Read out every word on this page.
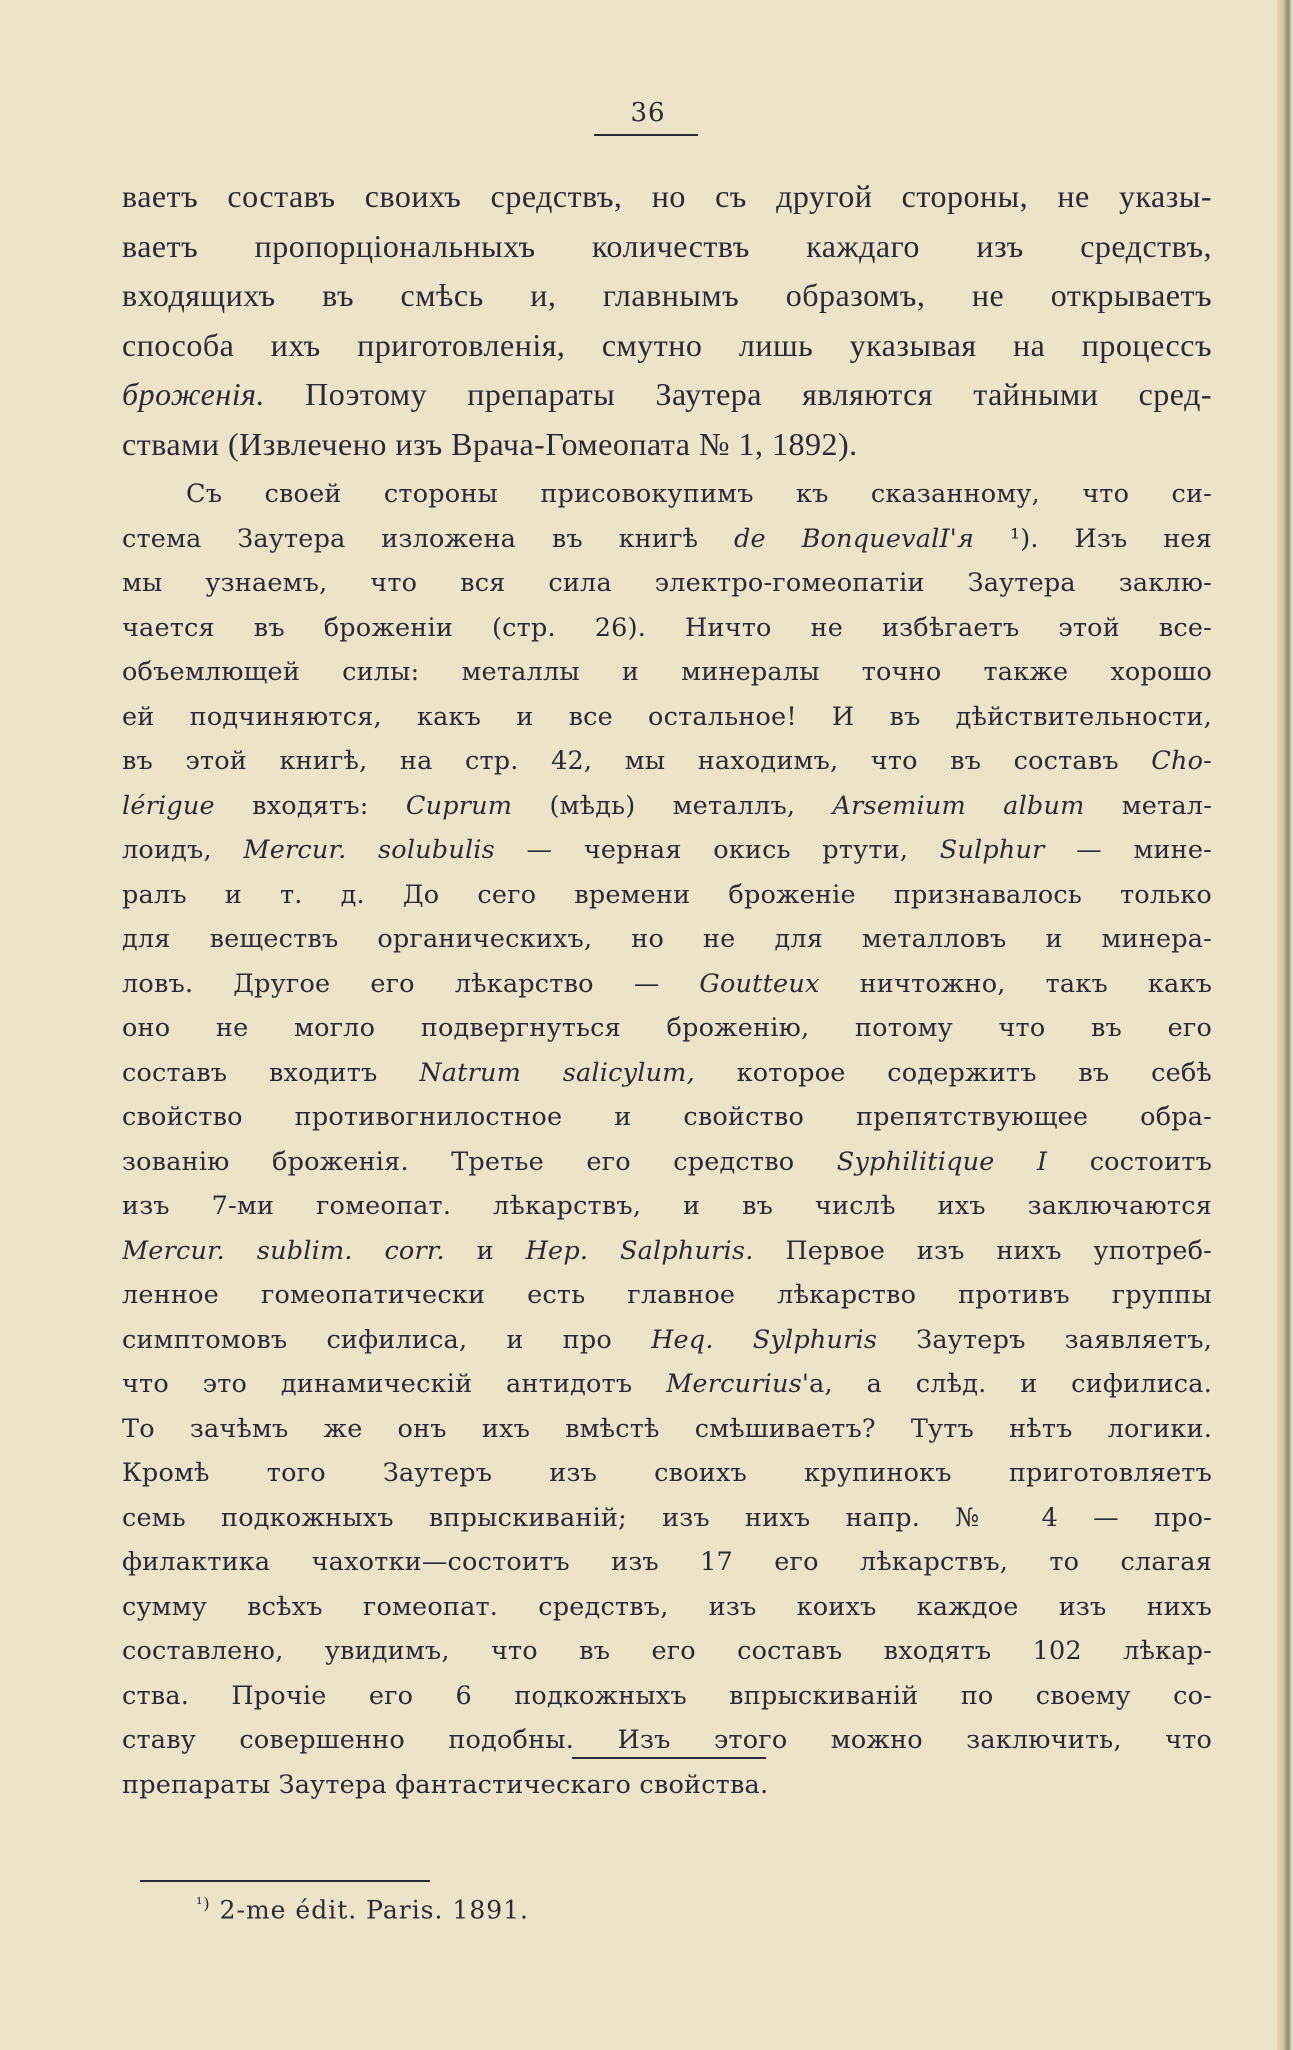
36
ваетъ составъ своихъ средствъ, но съ другой стороны, не указы-
ваетъ пропорціональныхъ количествъ каждаго изъ средствъ,
входящихъ въ смѣсь и, главнымъ образомъ, не открываетъ
способа ихъ приготовленія, смутно лишь указывая на процессъ
броженія. Поэтому препараты Заутера являются тайными сред-
ствами (Извлечено изъ Врача-Гомеопата № 1, 1892).
Съ своей стороны присовокупимъ къ сказанному, что си-
стема Заутера изложена въ книгѣ de BonquevalІ'я ¹). Изъ нея
мы узнаемъ, что вся сила электро-гомеопатіи Заутера заклю-
чается въ броженіи (стр. 26). Ничто не избѣгаетъ этой все-
объемлющей силы: металлы и минералы точно также хорошо
ей подчиняются, какъ и все остальное! И въ дѣйствительности,
въ этой книгѣ, на стр. 42, мы находимъ, что въ составъ Cho-
lérigue входятъ: Cuprum (мѣдь) металлъ, Arsemium album метал-
лоидъ, Mercur. solubulis — черная окись ртути, Sulphur — мине-
ралъ и т. д. До сего времени броженіе признавалось только
для веществъ органическихъ, но не для металловъ и минера-
ловъ. Другое его лѣкарство — Goutteux ничтожно, такъ какъ
оно не могло подвергнуться броженію, потому что въ его
составъ входитъ Natrum salicylum, которое содержитъ въ себѣ
свойство противогнилостное и свойство препятствующее обра-
зованію броженія. Третье его средство Syphilitique I состоитъ
изъ 7-ми гомеопат. лѣкарствъ, и въ числѣ ихъ заключаются
Mercur. sublim. corr. и Hep. Salphuris. Первое изъ нихъ употреб-
ленное гомеопатически есть главное лѣкарство противъ группы
симптомовъ сифилиса, и про Heq. Sylphuris Заутеръ заявляетъ,
что это динамическій антидотъ Mercurius'а, а слѣд. и сифилиса.
То зачѣмъ же онъ ихъ вмѣстѣ смѣшиваетъ? Тутъ нѣтъ логики.
Кромѣ того Заутеръ изъ своихъ крупинокъ приготовляетъ
семь подкожныхъ впрыскиваній; изъ нихъ напр. № 4 — про-
филактика чахотки—состоитъ изъ 17 его лѣкарствъ, то слагая
сумму всѣхъ гомеопат. средствъ, изъ коихъ каждое изъ нихъ
составлено, увидимъ, что въ его составъ входятъ 102 лѣкар-
ства. Прочіе его 6 подкожныхъ впрыскиваній по своему со-
ставу совершенно подобны. Изъ этого можно заключить, что
препараты Заутера фантастическаго свойства.
$^{^1)}$ 2-me édit. Paris. 1891.
